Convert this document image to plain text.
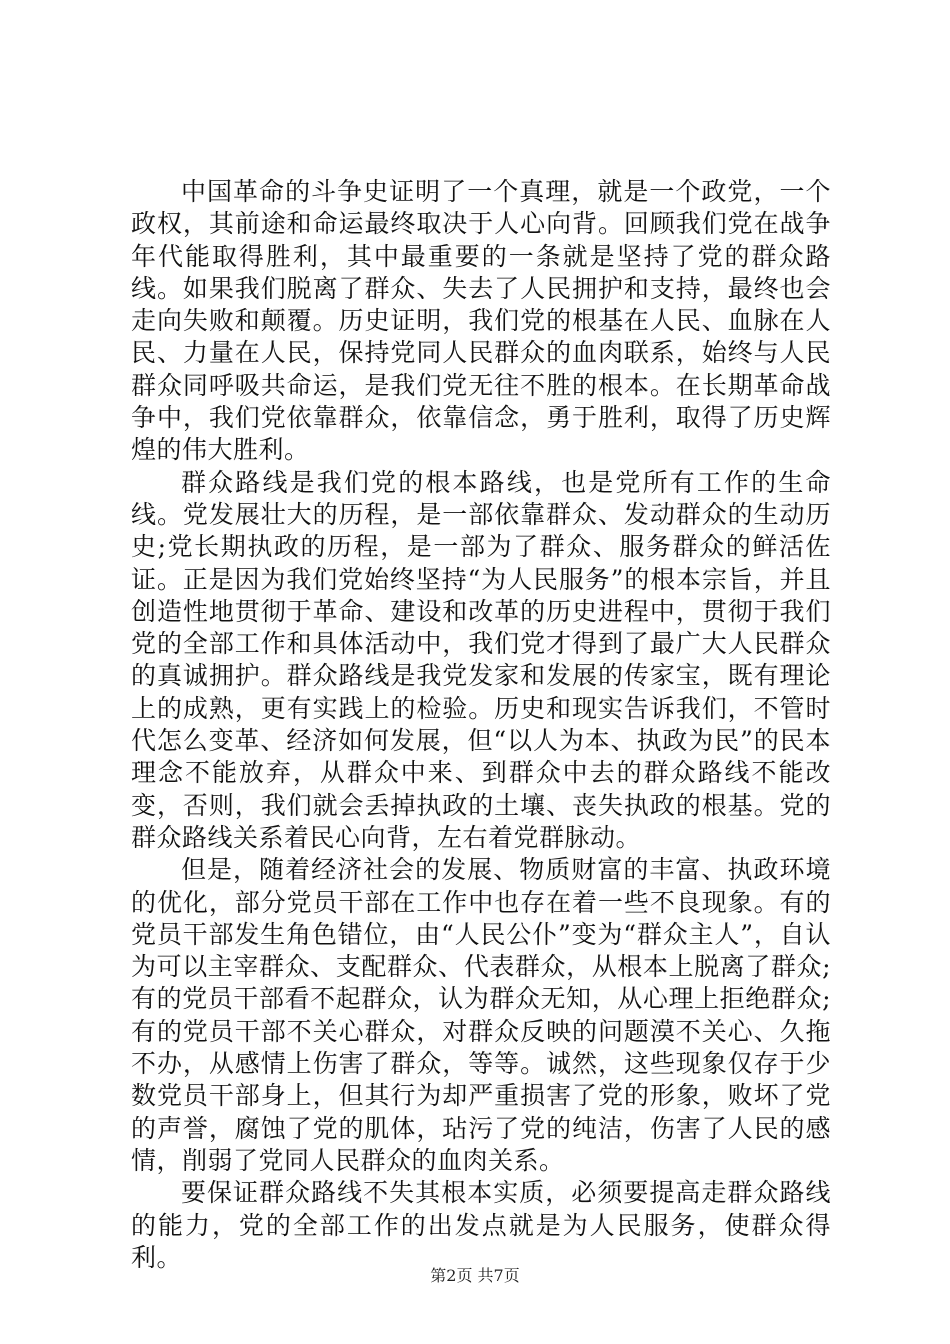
中国革命的斗争史证明了一个真理，就是一个政党，一个政权，其前途和命运最终取决于人心向背。回顾我们党在战争年代能取得胜利，其中最重要的一条就是坚持了党的群众路线。如果我们脱离了群众、失去了人民拥护和支持，最终也会走向失败和颠覆。历史证明，我们党的根基在人民、血脉在人民、力量在人民，保持党同人民群众的血肉联系，始终与人民群众同呼吸共命运，是我们党无往不胜的根本。在长期革命战争中，我们党依靠群众，依靠信念，勇于胜利，取得了历史辉煌的伟大胜利。

群众路线是我们党的根本路线，也是党所有工作的生命线。党发展壮大的历程，是一部依靠群众、发动群众的生动历史;党长期执政的历程，是一部为了群众、服务群众的鲜活佐证。正是因为我们党始终坚持“为人民服务”的根本宗旨，并且创造性地贯彻于革命、建设和改革的历史进程中，贯彻于我们党的全部工作和具体活动中，我们党才得到了最广大人民群众的真诚拥护。群众路线是我党发家和发展的传家宝，既有理论上的成熟，更有实践上的检验。历史和现实告诉我们，不管时代怎么变革、经济如何发展，但“以人为本、执政为民”的民本理念不能放弃，从群众中来、到群众中去的群众路线不能改变，否则，我们就会丢掉执政的土壤、丧失执政的根基。党的群众路线关系着民心向背，左右着党群脉动。

但是，随着经济社会的发展、物质财富的丰富、执政环境的优化，部分党员干部在工作中也存在着一些不良现象。有的党员干部发生角色错位，由“人民公仆”变为“群众主人”，自认为可以主宰群众、支配群众、代表群众，从根本上脱离了群众;有的党员干部看不起群众，认为群众无知，从心理上拒绝群众;有的党员干部不关心群众，对群众反映的问题漠不关心、久拖不办，从感情上伤害了群众，等等。诚然，这些现象仅存于少数党员干部身上，但其行为却严重损害了党的形象，败坏了党的声誉，腐蚀了党的肌体，玷污了党的纯洁，伤害了人民的感情，削弱了党同人民群众的血肉关系。

要保证群众路线不失其根本实质，必须要提高走群众路线的能力，党的全部工作的出发点就是为人民服务，使群众得利。

第2页 共7页
